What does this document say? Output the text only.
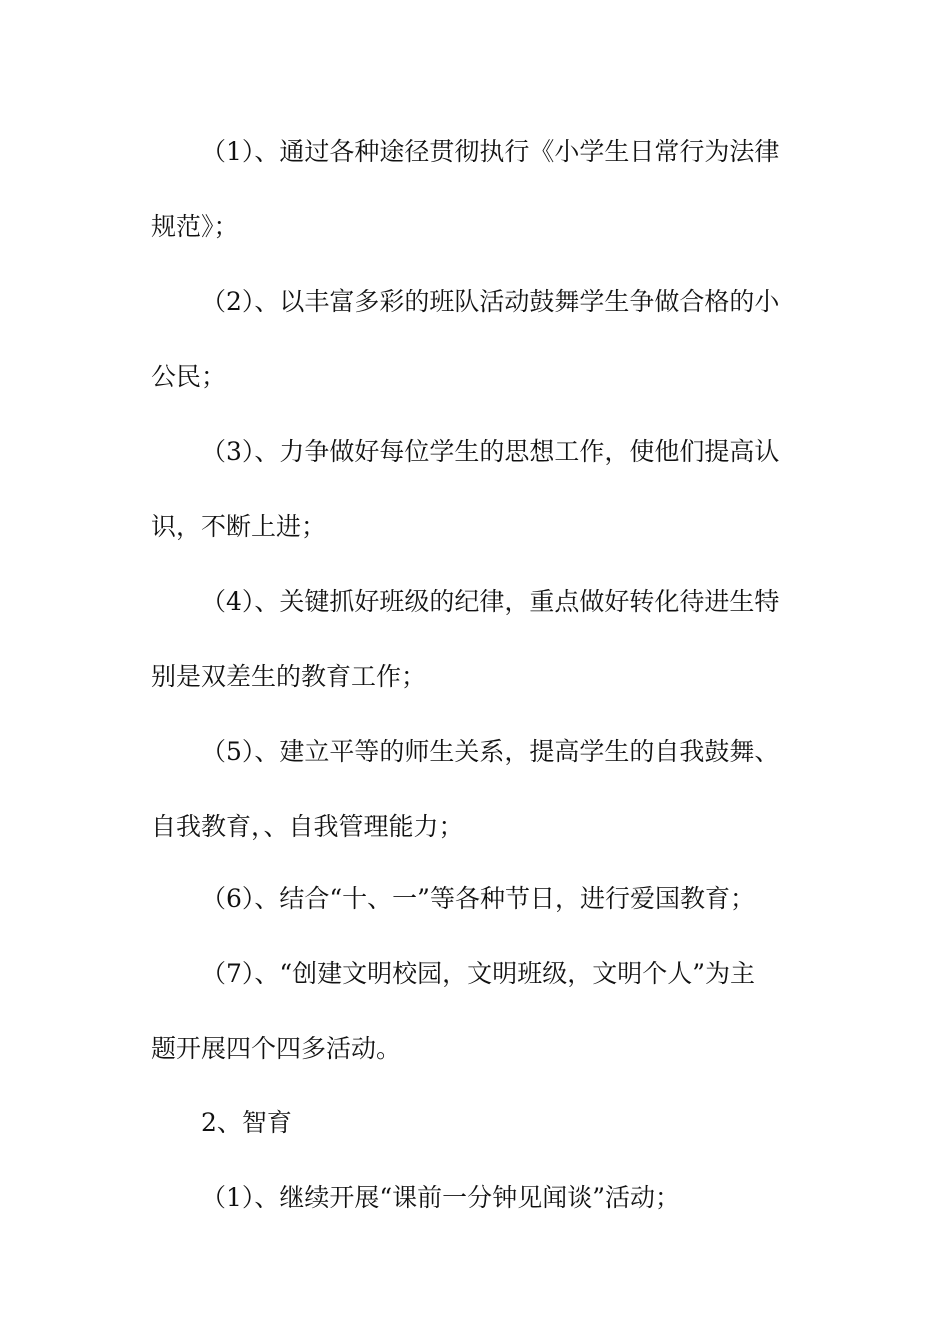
（1）、通过各种途径贯彻执行《小学生日常行为法律
规范》；
（2）、以丰富多彩的班队活动鼓舞学生争做合格的小
公民；
（3）、力争做好每位学生的思想工作，使他们提高认
识，不断上进；
（4）、关键抓好班级的纪律，重点做好转化待进生特
别是双差生的教育工作；
（5）、建立平等的师生关系，提高学生的自我鼓舞、
自我教育，、自我管理能力；
（6）、结合“十、一”等各种节日，进行爱国教育；
（7）、“创建文明校园，文明班级，文明个人”为主
题开展四个四多活动。
2、智育
（1）、继续开展“课前一分钟见闻谈”活动；
